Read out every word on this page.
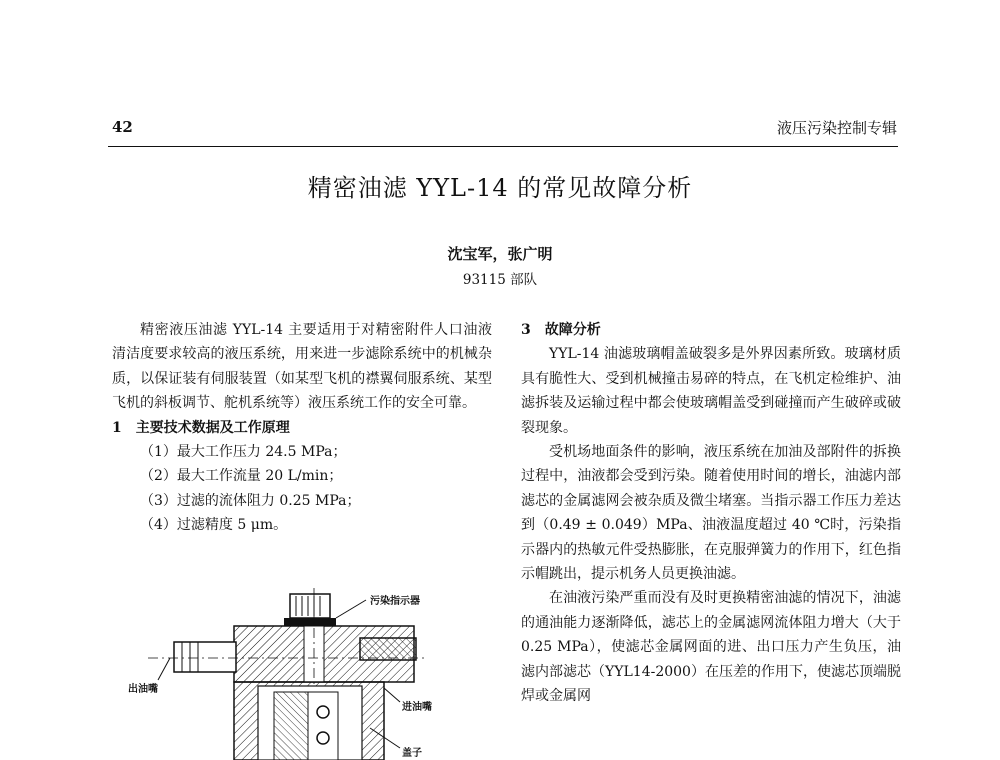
42	液压污染控制专辑
精密油滤 YYL-14 的常见故障分析
沈宝军，张广明
93115 部队

精密液压油滤 YYL-14 主要适用于对精密附件人口油液清洁度要求较高的液压系统，用来进一步滤除系统中的机械杂质，以保证装有伺服装置（如某型飞机的襟翼伺服系统、某型飞机的斜板调节、舵机系统等）液压系统工作的安全可靠。

1　主要技术数据及工作原理

（1）最大工作压力 24.5 MPa；

（2）最大工作流量 20 L/min；

（3）过滤的流体阻力 0.25 MPa；

（4）过滤精度 5 μm。

污染指示器
出油嘴
进油嘴
盖子

3　故障分析

YYL-14 油滤玻璃帽盖破裂多是外界因素所致。玻璃材质具有脆性大、受到机械撞击易碎的特点，在飞机定检维护、油滤拆装及运输过程中都会使玻璃帽盖受到碰撞而产生破碎或破裂现象。

受机场地面条件的影响，液压系统在加油及部附件的拆换过程中，油液都会受到污染。随着使用时间的增长，油滤内部滤芯的金属滤网会被杂质及微尘堵塞。当指示器工作压力差达到（0.49 ± 0.049）MPa、油液温度超过 40 ℃时，污染指示器内的热敏元件受热膨胀，在克服弹簧力的作用下，红色指示帽跳出，提示机务人员更换油滤。

在油液污染严重而没有及时更换精密油滤的情况下，油滤的通油能力逐渐降低，滤芯上的金属滤网流体阻力增大（大于 0.25 MPa），使滤芯金属网面的进、出口压力产生负压，油滤内部滤芯（YYL14-2000）在压差的作用下，使滤芯顶端脱焊或金属网
